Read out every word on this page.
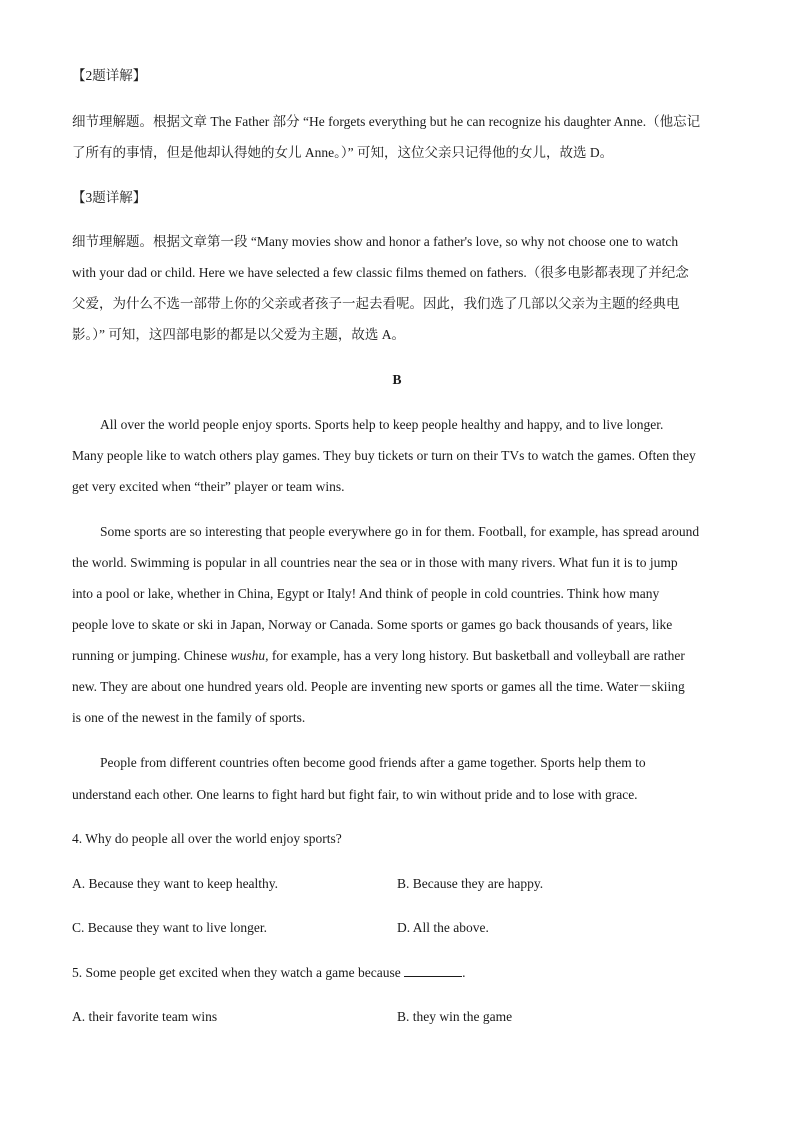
【2题详解】
细节理解题。根据文章 The Father 部分 “He forgets everything but he can recognize his daughter Anne.（他忘记
了所有的事情，但是他却认得她的女儿 Anne。）” 可知，这位父亲只记得他的女儿，故选 D。
【3题详解】
细节理解题。根据文章第一段 “Many movies show and honor a father's love, so why not choose one to watch
with your dad or child. Here we have selected a few classic films themed on fathers.（很多电影都表现了并纪念
父爱，为什么不选一部带上你的父亲或者孩子一起去看呢。因此，我们选了几部以父亲为主题的经典电
影。）” 可知，这四部电影的都是以父爱为主题，故选 A。
B
All over the world people enjoy sports. Sports help to keep people healthy and happy, and to live longer.
Many people like to watch others play games. They buy tickets or turn on their TVs to watch the games. Often they
get very excited when “their” player or team wins.
Some sports are so interesting that people everywhere go in for them. Football, for example, has spread around
the world. Swimming is popular in all countries near the sea or in those with many rivers. What fun it is to jump
into a pool or lake, whether in China, Egypt or Italy! And think of people in cold countries. Think how many
people love to skate or ski in Japan, Norway or Canada. Some sports or games go back thousands of years, like
running or jumping. Chinese wushu, for example, has a very long history. But basketball and volleyball are rather
new. They are about one hundred years old. People are inventing new sports or games all the time. Water－skiing
is one of the newest in the family of sports.
People from different countries often become good friends after a game together. Sports help them to
understand each other. One learns to fight hard but fight fair, to win without pride and to lose with grace.
4. Why do people all over the world enjoy sports?
A. Because they want to keep healthy.	B. Because they are happy.
C. Because they want to live longer.	D. All the above.
5. Some people get excited when they watch a game because	.
A. their favorite team wins	B. they win the game
